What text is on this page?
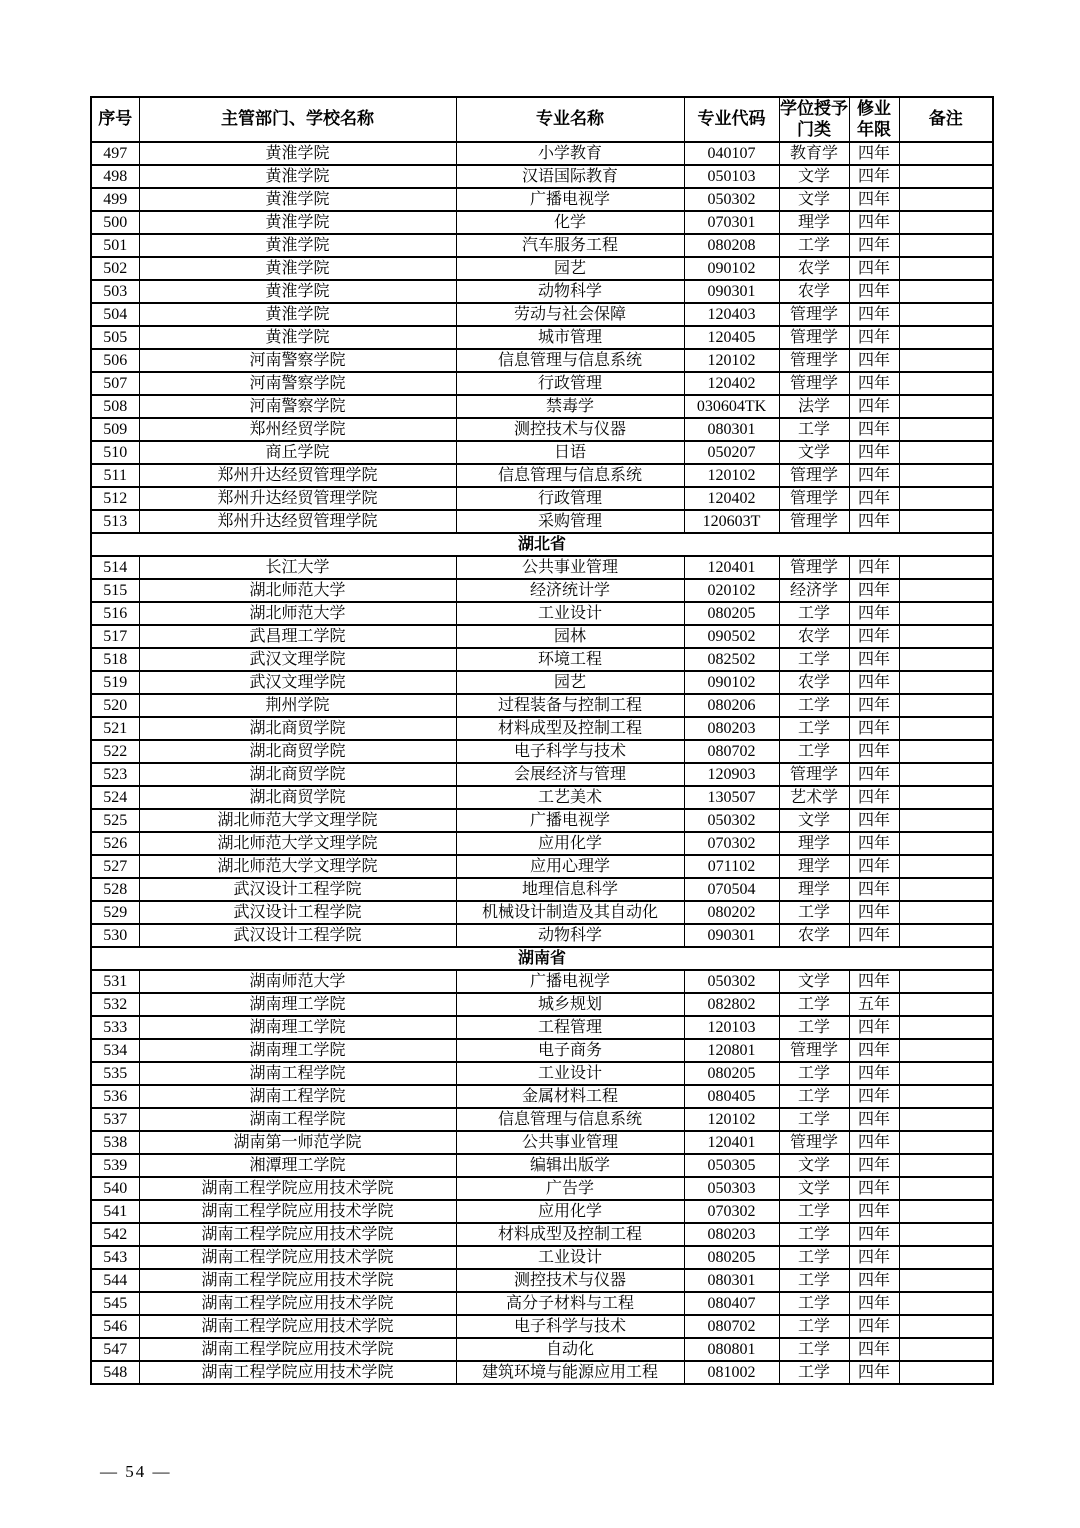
序号	主管部门、学校名称	专业名称	专业代码	学位授予门类	修业年限	备注
497	黄淮学院	小学教育	040107	教育学	四年	
498	黄淮学院	汉语国际教育	050103	文学	四年	
499	黄淮学院	广播电视学	050302	文学	四年	
500	黄淮学院	化学	070301	理学	四年	
501	黄淮学院	汽车服务工程	080208	工学	四年	
502	黄淮学院	园艺	090102	农学	四年	
503	黄淮学院	动物科学	090301	农学	四年	
504	黄淮学院	劳动与社会保障	120403	管理学	四年	
505	黄淮学院	城市管理	120405	管理学	四年	
506	河南警察学院	信息管理与信息系统	120102	管理学	四年	
507	河南警察学院	行政管理	120402	管理学	四年	
508	河南警察学院	禁毒学	030604TK	法学	四年	
509	郑州经贸学院	测控技术与仪器	080301	工学	四年	
510	商丘学院	日语	050207	文学	四年	
511	郑州升达经贸管理学院	信息管理与信息系统	120102	管理学	四年	
512	郑州升达经贸管理学院	行政管理	120402	管理学	四年	
513	郑州升达经贸管理学院	采购管理	120603T	管理学	四年	
湖北省						
514	长江大学	公共事业管理	120401	管理学	四年	
515	湖北师范大学	经济统计学	020102	经济学	四年	
516	湖北师范大学	工业设计	080205	工学	四年	
517	武昌理工学院	园林	090502	农学	四年	
518	武汉文理学院	环境工程	082502	工学	四年	
519	武汉文理学院	园艺	090102	农学	四年	
520	荆州学院	过程装备与控制工程	080206	工学	四年	
521	湖北商贸学院	材料成型及控制工程	080203	工学	四年	
522	湖北商贸学院	电子科学与技术	080702	工学	四年	
523	湖北商贸学院	会展经济与管理	120903	管理学	四年	
524	湖北商贸学院	工艺美术	130507	艺术学	四年	
525	湖北师范大学文理学院	广播电视学	050302	文学	四年	
526	湖北师范大学文理学院	应用化学	070302	理学	四年	
527	湖北师范大学文理学院	应用心理学	071102	理学	四年	
528	武汉设计工程学院	地理信息科学	070504	理学	四年	
529	武汉设计工程学院	机械设计制造及其自动化	080202	工学	四年	
530	武汉设计工程学院	动物科学	090301	农学	四年	
湖南省						
531	湖南师范大学	广播电视学	050302	文学	四年	
532	湖南理工学院	城乡规划	082802	工学	五年	
533	湖南理工学院	工程管理	120103	工学	四年	
534	湖南理工学院	电子商务	120801	管理学	四年	
535	湖南工程学院	工业设计	080205	工学	四年	
536	湖南工程学院	金属材料工程	080405	工学	四年	
537	湖南工程学院	信息管理与信息系统	120102	工学	四年	
538	湖南第一师范学院	公共事业管理	120401	管理学	四年	
539	湘潭理工学院	编辑出版学	050305	文学	四年	
540	湖南工程学院应用技术学院	广告学	050303	文学	四年	
541	湖南工程学院应用技术学院	应用化学	070302	工学	四年	
542	湖南工程学院应用技术学院	材料成型及控制工程	080203	工学	四年	
543	湖南工程学院应用技术学院	工业设计	080205	工学	四年	
544	湖南工程学院应用技术学院	测控技术与仪器	080301	工学	四年	
545	湖南工程学院应用技术学院	高分子材料与工程	080407	工学	四年	
546	湖南工程学院应用技术学院	电子科学与技术	080702	工学	四年	
547	湖南工程学院应用技术学院	自动化	080801	工学	四年	
548	湖南工程学院应用技术学院	建筑环境与能源应用工程	081002	工学	四年	
— 54 —
